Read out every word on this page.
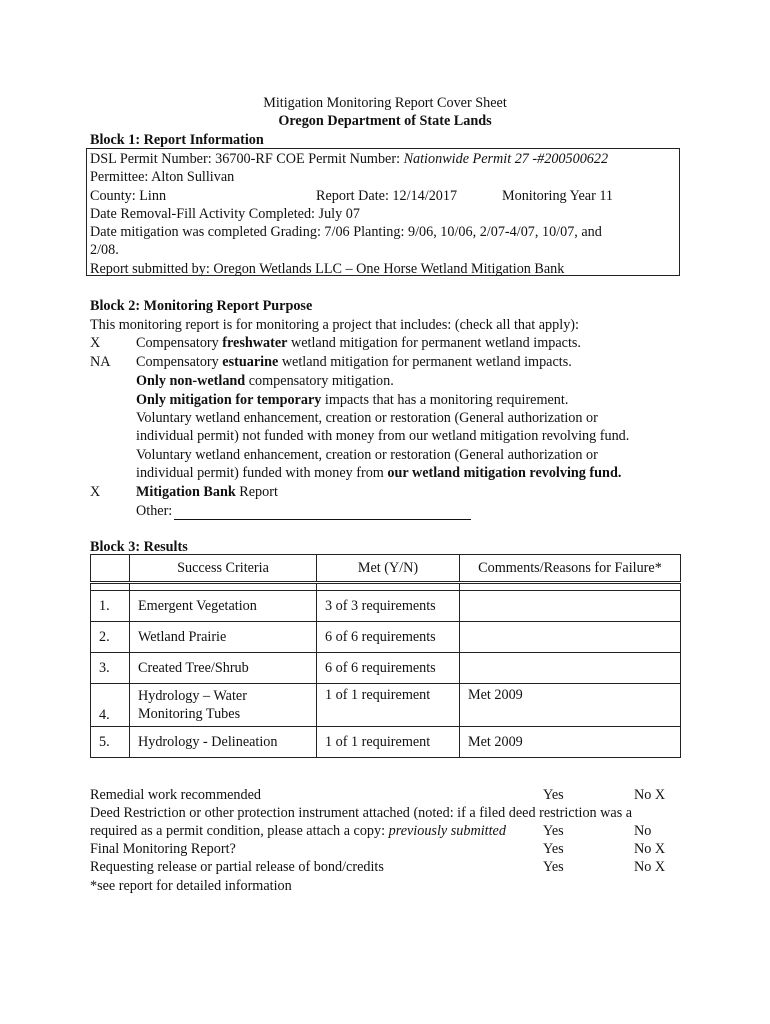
Mitigation Monitoring Report Cover Sheet
Oregon Department of State Lands
Block 1: Report Information
DSL Permit Number: 36700-RF COE Permit Number: Nationwide Permit 27 -#200500622
Permittee: Alton Sullivan
County: Linn	Report Date: 12/14/2017	Monitoring Year 11
Date Removal-Fill Activity Completed: July 07
Date mitigation was completed Grading: 7/06 Planting: 9/06, 10/06, 2/07-4/07, 10/07, and
2/08.
Report submitted by: Oregon Wetlands LLC – One Horse Wetland Mitigation Bank
Block 2: Monitoring Report Purpose
This monitoring report is for monitoring a project that includes: (check all that apply):
X	Compensatory freshwater wetland mitigation for permanent wetland impacts.
NA	Compensatory estuarine wetland mitigation for permanent wetland impacts.
Only non-wetland compensatory mitigation.
Only mitigation for temporary impacts that has a monitoring requirement.
Voluntary wetland enhancement, creation or restoration (General authorization or
individual permit) not funded with money from our wetland mitigation revolving fund.
Voluntary wetland enhancement, creation or restoration (General authorization or
individual permit) funded with money from our wetland mitigation revolving fund.
X	Mitigation Bank Report
Other:
Block 3: Results
	Success Criteria	Met (Y/N)	Comments/Reasons for Failure*

1.	Emergent Vegetation	3 of 3 requirements	
2.	Wetland Prairie	6 of 6 requirements	
3.	Created Tree/Shrub	6 of 6 requirements	
4.	Hydrology – Water
Monitoring Tubes	1 of 1 requirement	Met 2009
5.	Hydrology - Delineation	1 of 1 requirement	Met 2009
Remedial work recommended	Yes	No X
Deed Restriction or other protection instrument attached (noted: if a filed deed restriction was a
required as a permit condition, please attach a copy: previously submitted	Yes	No
Final Monitoring Report?	Yes	No X
Requesting release or partial release of bond/credits	Yes	No X
*see report for detailed information
